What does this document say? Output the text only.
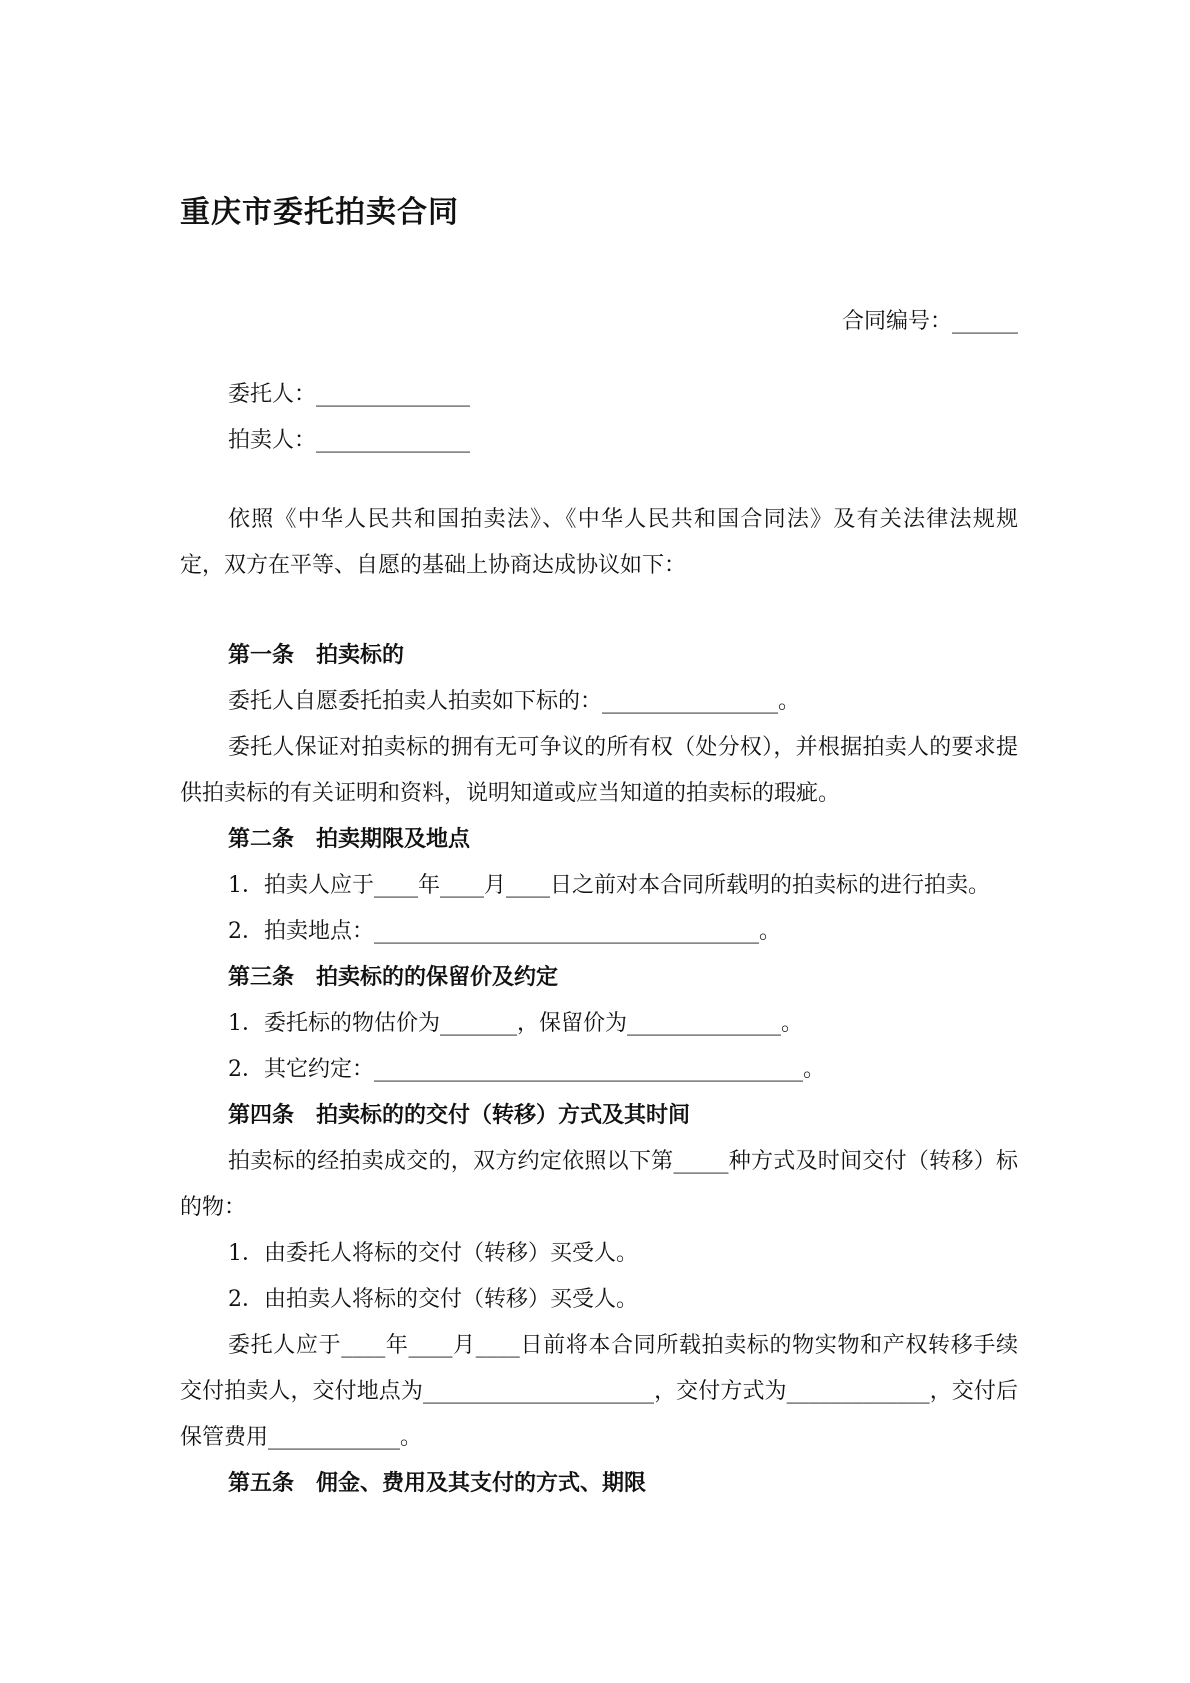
重庆市委托拍卖合同
合同编号：______
委托人：______________
拍卖人：______________

依照《中华人民共和国拍卖法》、《中华人民共和国合同法》及有关法律法规规定，双方在平等、自愿的基础上协商达成协议如下：

第一条　拍卖标的

委托人自愿委托拍卖人拍卖如下标的：________________。

委托人保证对拍卖标的拥有无可争议的所有权（处分权），并根据拍卖人的要求提供拍卖标的有关证明和资料，说明知道或应当知道的拍卖标的瑕疵。

第二条　拍卖期限及地点

1．拍卖人应于____年____月____日之前对本合同所载明的拍卖标的进行拍卖。

2．拍卖地点：___________________________________。

第三条　拍卖标的的保留价及约定

1．委托标的物估价为_______，保留价为______________。

2．其它约定：_______________________________________。

第四条　拍卖标的的交付（转移）方式及其时间

拍卖标的经拍卖成交的，双方约定依照以下第_____种方式及时间交付（转移）标的物：

1．由委托人将标的交付（转移）买受人。

2．由拍卖人将标的交付（转移）买受人。

委托人应于____年____月____日前将本合同所载拍卖标的物实物和产权转移手续交付拍卖人，交付地点为_____________________，交付方式为_____________，交付后保管费用____________。

第五条　佣金、费用及其支付的方式、期限
